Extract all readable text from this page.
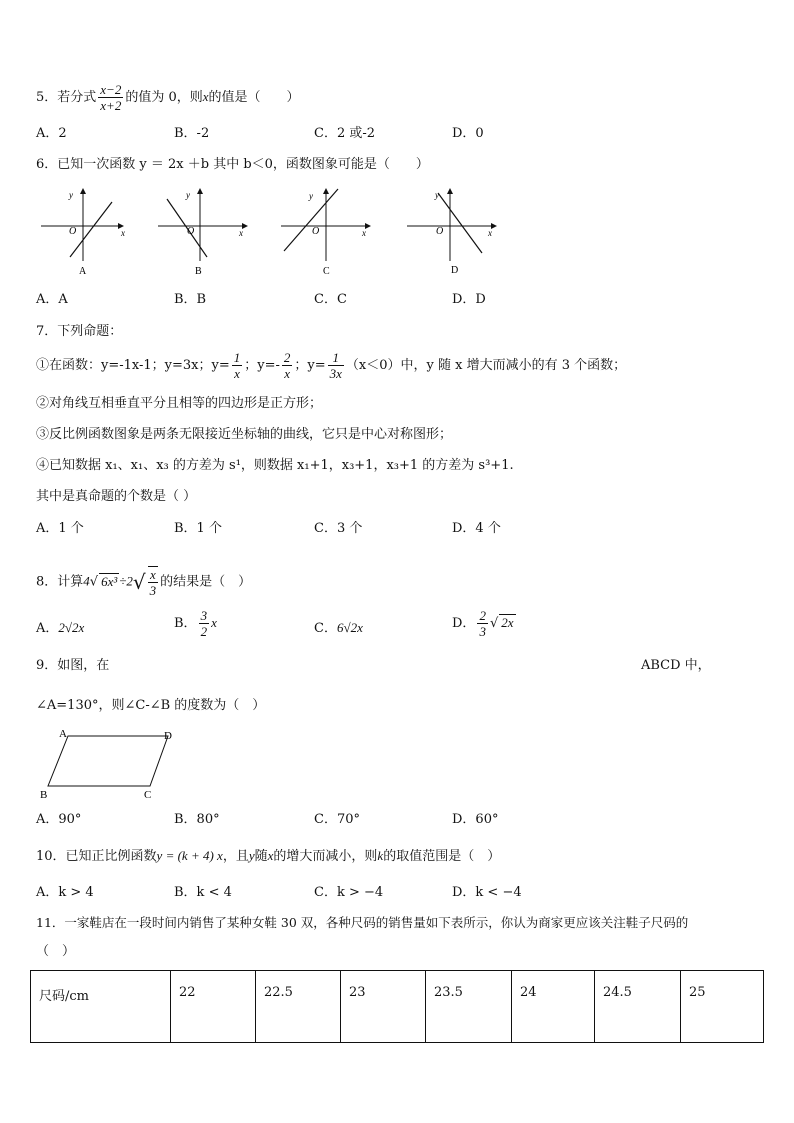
5．若分式 $\frac{x-2}{x+2}$ 的值为 0，则x的值是（　　）
A．2	B．-2	C．2 或-2	D．0
6．已知一次函数 y ＝ 2x ＋b 其中 b＜0，函数图象可能是（　　）
O	x
y
A
O	x
y
B
O	x
y
C
O	x
y
D
A．A	B．B	C．C	D．D
7．下列命题：
①在函数：y=-1x-1；y=3x；$y= \frac{1}{x}$ ；$y=- \frac{2}{x}$ ；$y= \frac{1}{3x} (x<0)$中，y 随 x 增大而减小的有 3 个函数；
②对角线互相垂直平分且相等的四边形是正方形；
③反比例函数图象是两条无限接近坐标轴的曲线，它只是中心对称图形；
④已知数据 x₁、x₁、x₃ 的方差为 s¹，则数据 x₁+1，x₃+1，x₃+1 的方差为 s³+1.
其中是真命题的个数是（ ）
A．1 个	B．1 个	C．3 个	D．4 个
8．计算4√ $6x^3 \div 2√ \frac{x}{3}$ 的结果是（　）
A．2√2x	B． $\frac{3}{2}$ x	C．6√2x	D． $\frac{2}{3}$ √ 2x
9．如图，在	ABCD 中，
∠A=130°，则∠C-∠B 的度数为（　）
A	D
B	C
A．90°	B．80°	C．70°	D．60°
10．已知正比例函数y = (k + 4) x，且y随x的增大而减小，则k的取值范围是（　）
A．k > 4	B．k < 4	C．k > −4	D．k < −4
11．一家鞋店在一段时间内销售了某种女鞋 30 双，各种尺码的销售量如下表所示，你认为商家更应该关注鞋子尺码的
（　）
尺码/cm	22	22.5	23	23.5	24	24.5	25
